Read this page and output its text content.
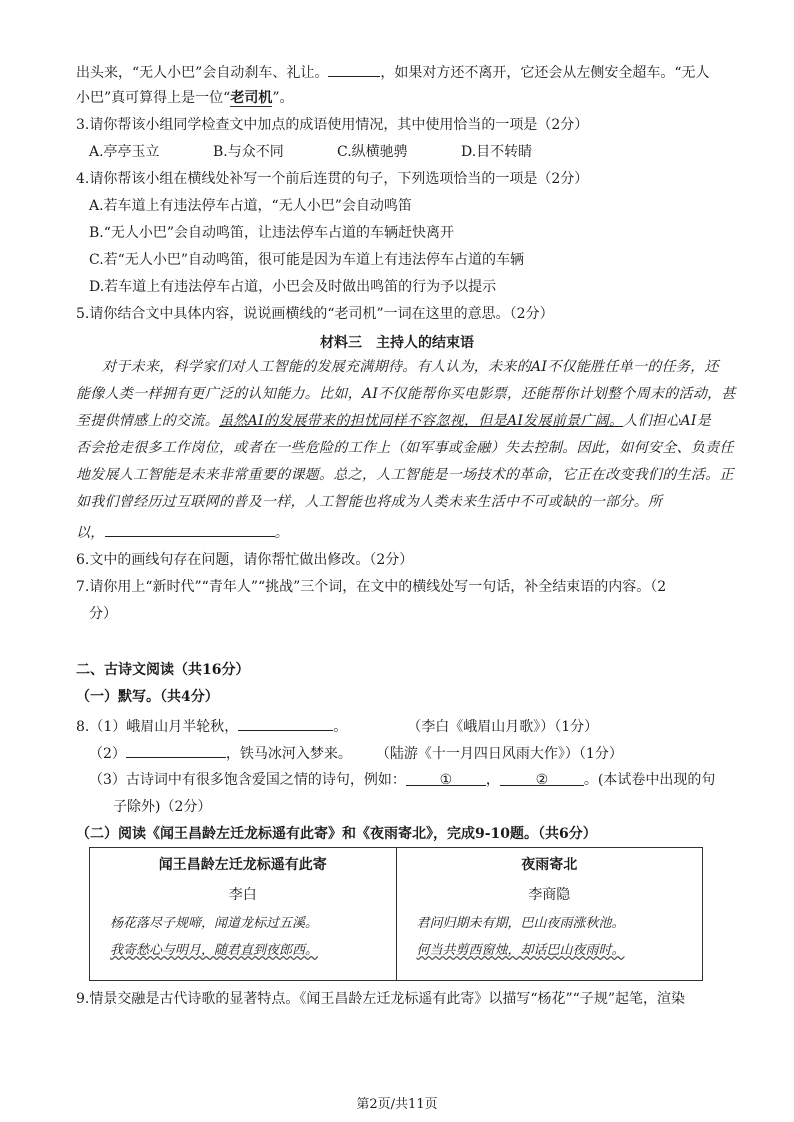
出头来，“无人小巴”会自动刹车、礼让。	，如果对方还不离开，它还会从左侧安全超车。“无人
小巴”真可算得上是一位“老司机”。
3.请你帮该小组同学检查文中加点的成语使用情况，其中使用恰当的一项是（2分）
A.亭亭玉立	B.与众不同	C.纵横驰骋	D.目不转睛
4.请你帮该小组在横线处补写一个前后连贯的句子，下列选项恰当的一项是（2分）
A.若车道上有违法停车占道，“无人小巴”会自动鸣笛
B.“无人小巴”会自动鸣笛，让违法停车占道的车辆赶快离开
C.若“无人小巴”自动鸣笛，很可能是因为车道上有违法停车占道的车辆
D.若车道上有违法停车占道，小巴会及时做出鸣笛的行为予以提示
5.请你结合文中具体内容，说说画横线的“老司机”一词在这里的意思。（2分）
材料三　主持人的结束语
对于未来，科学家们对人工智能的发展充满期待。有人认为，未来的AI不仅能胜任单一的任务，还
能像人类一样拥有更广泛的认知能力。比如，AI不仅能帮你买电影票，还能帮你计划整个周末的活动，甚
至提供情感上的交流。虽然AI的发展带来的担忧同样不容忽视，但是AI发展前景广阔。人们担心AI是
否会抢走很多工作岗位，或者在一些危险的工作上（如军事或金融）失去控制。因此，如何安全、负责任
地发展人工智能是未来非常重要的课题。总之，人工智能是一场技术的革命，它正在改变我们的生活。正
如我们曾经历过互联网的普及一样，人工智能也将成为人类未来生活中不可或缺的一部分。所
以，	。
6.文中的画线句存在问题，请你帮忙做出修改。（2分）
7.请你用上“新时代”“青年人”“挑战”三个词，在文中的横线处写一句话，补全结束语的内容。（2
分）
二、古诗文阅读（共16分）
（一）默写。（共4分）
8.（1）峨眉山月半轮秋，	。	（李白《峨眉山月歌》）（1分）
（2）	，铁马冰河入梦来。 （陆游《十一月四日风雨大作》）（1分）
（3）古诗词中有很多饱含爱国之情的诗句，例如： ① ，	②	。(本试卷中出现的句
子除外)（2分）
（二）阅读《闻王昌龄左迁龙标遥有此寄》和《夜雨寄北》，完成9-10题。（共6分）
闻王昌龄左迁龙标遥有此寄
李白
杨花落尽子规啼，闻道龙标过五溪。
我寄愁心与明月，随君直到夜郎西。

夜雨寄北
李商隐
君问归期未有期，巴山夜雨涨秋池。
何当共剪西窗烛，却话巴山夜雨时。
9.情景交融是古代诗歌的显著特点。《闻王昌龄左迁龙标遥有此寄》以描写“杨花”“子规”起笔，渲染
第2页/共11页
